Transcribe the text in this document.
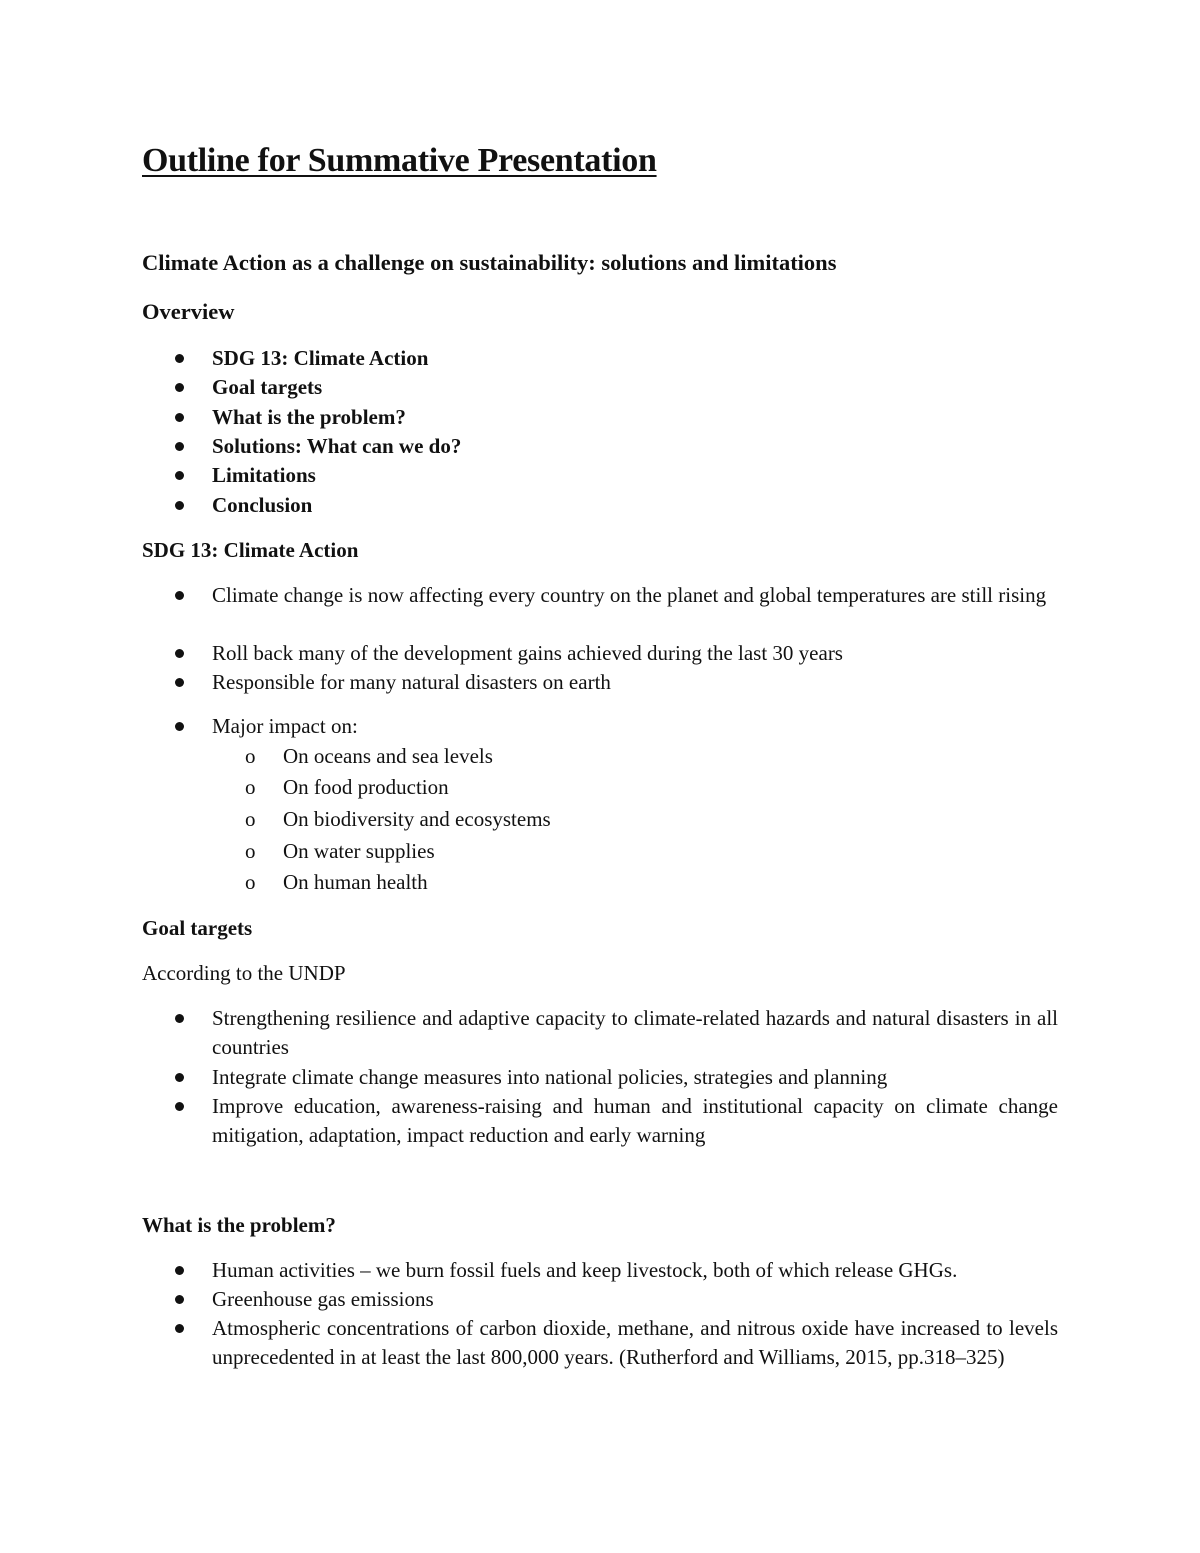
Outline for Summative Presentation
Climate Action as a challenge on sustainability: solutions and limitations
Overview
SDG 13: Climate Action
Goal targets
What is the problem?
Solutions: What can we do?
Limitations
Conclusion
SDG 13: Climate Action
Climate change is now affecting every country on the planet and global temperatures are still rising
Roll back many of the development gains achieved during the last 30 years
Responsible for many natural disasters on earth
Major impact on:
o On oceans and sea levels
o On food production
o On biodiversity and ecosystems
o On water supplies
o On human health
Goal targets
According to the UNDP
Strengthening resilience and adaptive capacity to climate-related hazards and natural disasters in all countries
Integrate climate change measures into national policies, strategies and planning
Improve education, awareness-raising and human and institutional capacity on climate change mitigation, adaptation, impact reduction and early warning
What is the problem?
Human activities – we burn fossil fuels and keep livestock, both of which release GHGs.
Greenhouse gas emissions
Atmospheric concentrations of carbon dioxide, methane, and nitrous oxide have increased to levels unprecedented in at least the last 800,000 years. (Rutherford and Williams, 2015, pp.318–325)
